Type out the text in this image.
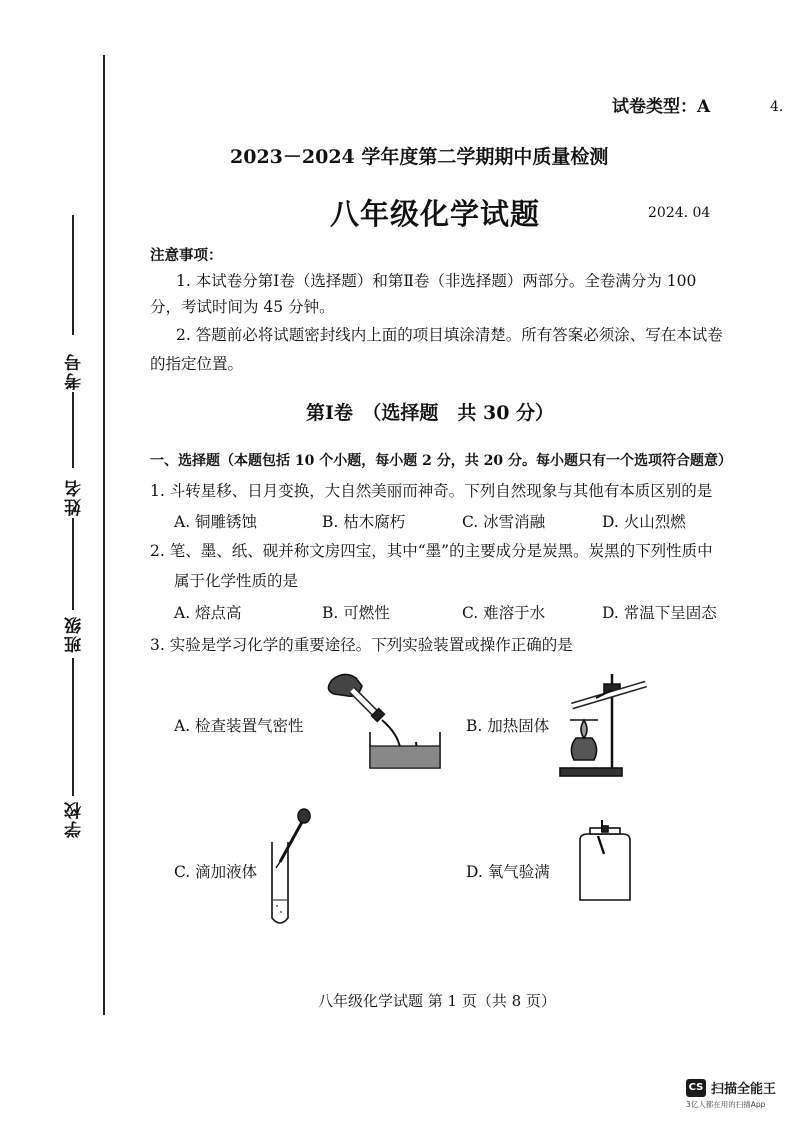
考号
姓名
班级
学校
试卷类型：A	4.
2023－2024 学年度第二学期期中质量检测
八年级化学试题	2024. 04
注意事项：
1. 本试卷分第Ⅰ卷（选择题）和第Ⅱ卷（非选择题）两部分。全卷满分为 100
分，考试时间为 45 分钟。
2. 答题前必将试题密封线内上面的项目填涂清楚。所有答案必须涂、写在本试卷
的指定位置。
第Ⅰ卷　（选择题　共 30 分）
一、选择题（本题包括 10 个小题，每小题 2 分，共 20 分。每小题只有一个选项符合题意）
1. 斗转星移、日月变换，大自然美丽而神奇。下列自然现象与其他有本质区别的是
A. 铜雕锈蚀	B. 枯木腐朽	C. 冰雪消融	D. 火山烈燃
2. 笔、墨、纸、砚并称文房四宝，其中“墨”的主要成分是炭黑。炭黑的下列性质中
属于化学性质的是
A. 熔点高	B. 可燃性	C. 难溶于水	D. 常温下呈固态
3. 实验是学习化学的重要途径。下列实验装置或操作正确的是
A. 检查装置气密性	B. 加热固体
C. 滴加液体	D. 氧气验满
八年级化学试题 第 1 页（共 8 页）
CS 扫描全能王
3亿人都在用的扫描App
